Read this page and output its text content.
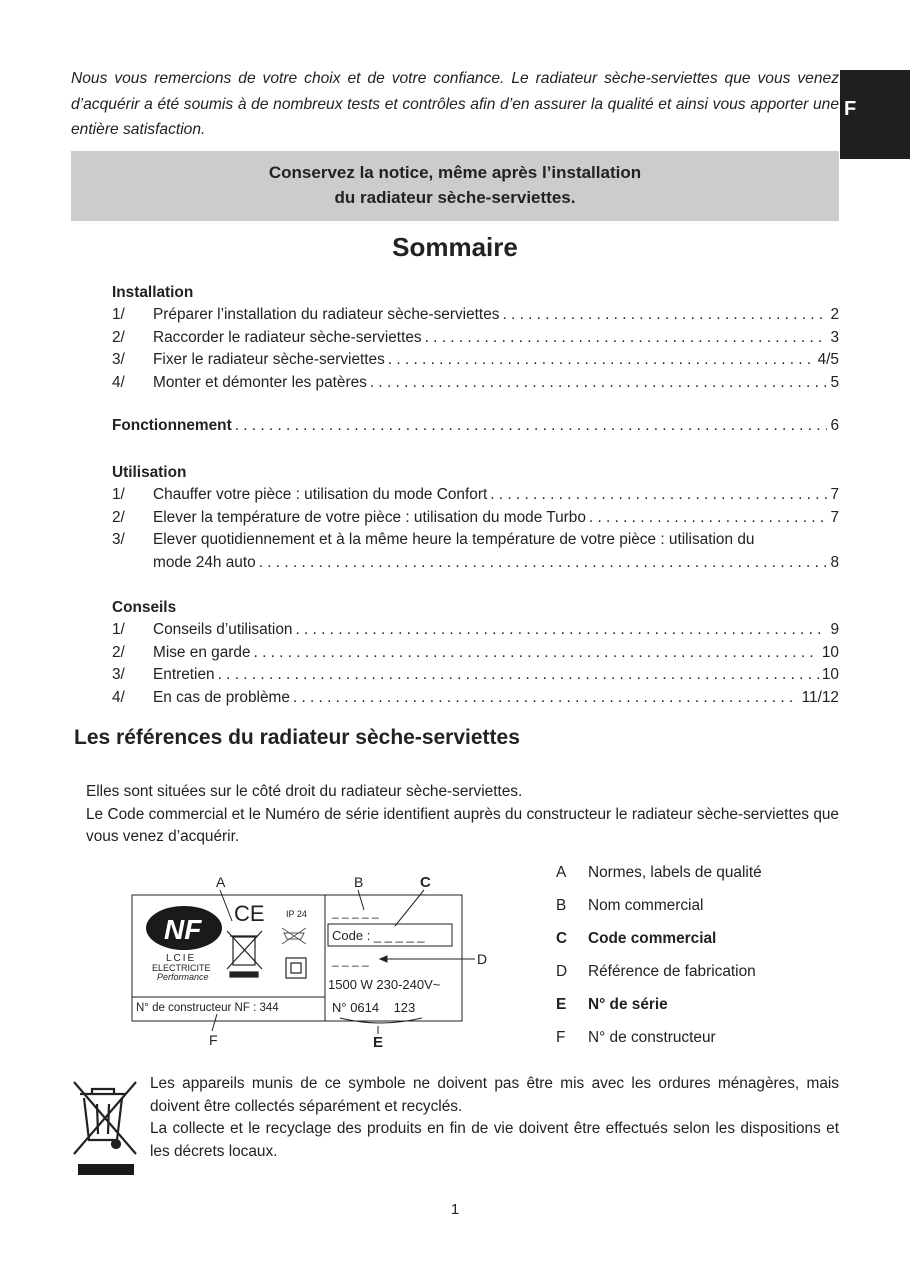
F
Nous vous remercions de votre choix et de votre confiance. Le radiateur sèche-serviettes que vous venez d’acquérir a été soumis à de nombreux tests et contrôles afin d’en assurer la qualité et ainsi vous apporter une entière satisfaction.
Conservez la notice, même après l’installation
du radiateur sèche-serviettes.
Sommaire
Installation
1/	Préparer l’installation du radiateur sèche-serviettes . . .	2
2/	Raccorder le radiateur sèche-serviettes . . .	3
3/	Fixer le radiateur sèche-serviettes . . .	4/5
4/	Monter et démonter les patères . . .	5
Fonctionnement . . .	6
Utilisation
1/	Chauffer votre pièce : utilisation du mode Confort . . .	7
2/	Elever la température de votre pièce : utilisation du mode Turbo . . .	7
3/	Elever quotidiennement et à la même heure la température de votre pièce : utilisation du
mode 24h auto . . .	8
Conseils
1/	Conseils d’utilisation . . .	9
2/	Mise en garde . . .	10
3/	Entretien . . .	10
4/	En cas de problème . . .	11/12
Les références du radiateur sèche-serviettes
Elles sont situées sur le côté droit du radiateur sèche-serviettes.
Le Code commercial et le Numéro de série identifient auprès du constructeur le radiateur sèche-serviettes que vous venez d’acquérir.
A	B	C
D
E
F
NF
LCIE
ELECTRICITE
Performance
CE IP 24 _ _ _ _ _
Code : _ _ _ _ _
_ _ _ _
1500 W 230-240V~
N° 0614    123
N° de constructeur NF : 344
A	Normes, labels de qualité
B	Nom commercial
C	Code commercial
D	Référence de fabrication
E	N° de série
F	N° de constructeur
Les appareils munis de ce symbole ne doivent pas être mis avec les ordures ménagères, mais doivent être collectés séparément et recyclés.
La collecte et le recyclage des produits en fin de vie doivent être effectués selon les dispositions et les décrets locaux.
1
